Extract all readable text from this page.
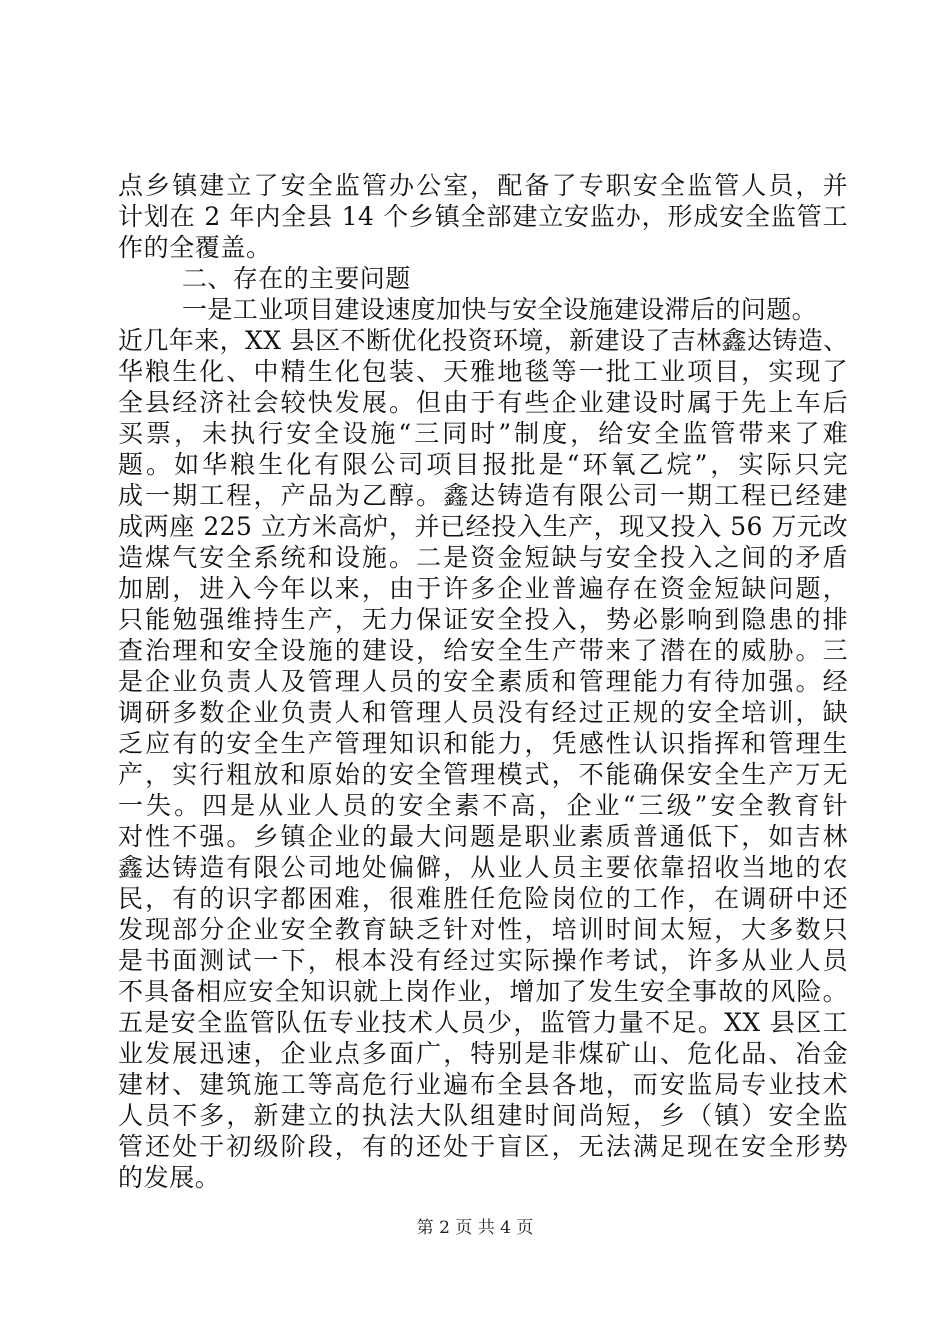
点乡镇建立了安全监管办公室，配备了专职安全监管人员，并
计划在 2 年内全县 14 个乡镇全部建立安监办，形成安全监管工
作的全覆盖。
二、存在的主要问题
一是工业项目建设速度加快与安全设施建设滞后的问题。
近几年来，XX 县区不断优化投资环境，新建设了吉林鑫达铸造、
华粮生化、中精生化包装、天雅地毯等一批工业项目，实现了
全县经济社会较快发展。但由于有些企业建设时属于先上车后
买票，未执行安全设施“三同时”制度，给安全监管带来了难
题。如华粮生化有限公司项目报批是“环氧乙烷”，实际只完
成一期工程，产品为乙醇。鑫达铸造有限公司一期工程已经建
成两座 225 立方米高炉，并已经投入生产，现又投入 56 万元改
造煤气安全系统和设施。二是资金短缺与安全投入之间的矛盾
加剧，进入今年以来，由于许多企业普遍存在资金短缺问题，
只能勉强维持生产，无力保证安全投入，势必影响到隐患的排
查治理和安全设施的建设，给安全生产带来了潜在的威胁。三
是企业负责人及管理人员的安全素质和管理能力有待加强。经
调研多数企业负责人和管理人员没有经过正规的安全培训，缺
乏应有的安全生产管理知识和能力，凭感性认识指挥和管理生
产，实行粗放和原始的安全管理模式，不能确保安全生产万无
一失。四是从业人员的安全素不高，企业“三级”安全教育针
对性不强。乡镇企业的最大问题是职业素质普通低下，如吉林
鑫达铸造有限公司地处偏僻，从业人员主要依靠招收当地的农
民，有的识字都困难，很难胜任危险岗位的工作，在调研中还
发现部分企业安全教育缺乏针对性，培训时间太短，大多数只
是书面测试一下，根本没有经过实际操作考试，许多从业人员
不具备相应安全知识就上岗作业，增加了发生安全事故的风险。
五是安全监管队伍专业技术人员少，监管力量不足。XX 县区工
业发展迅速，企业点多面广，特别是非煤矿山、危化品、冶金
建材、建筑施工等高危行业遍布全县各地，而安监局专业技术
人员不多，新建立的执法大队组建时间尚短，乡（镇）安全监
管还处于初级阶段，有的还处于盲区，无法满足现在安全形势
的发展。
第 2 页 共 4 页
